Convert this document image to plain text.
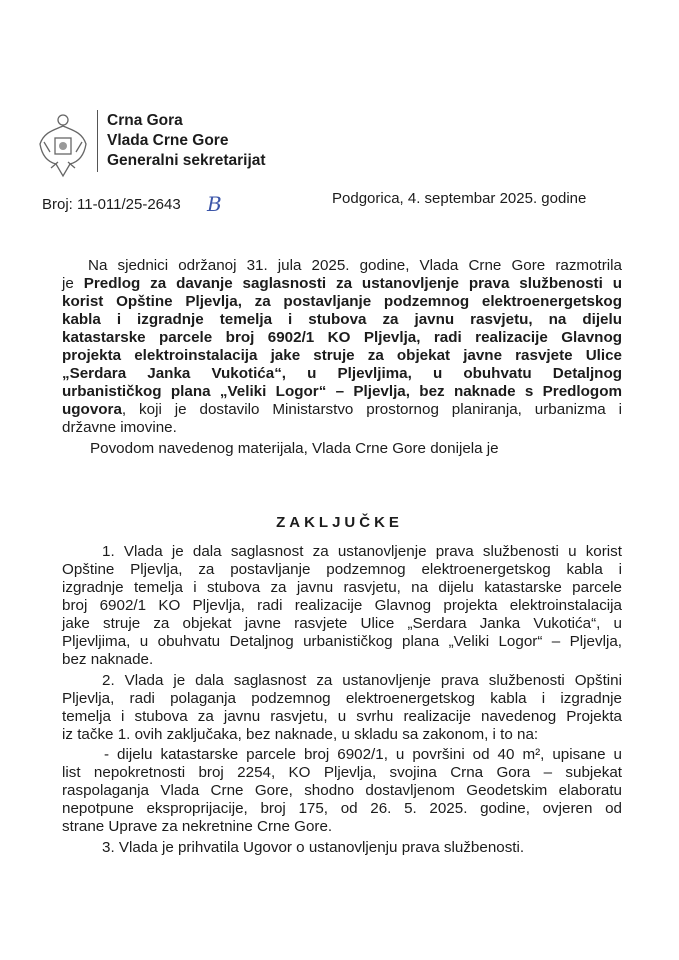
Crna Gora
Vlada Crne Gore
Generalni sekretarijat
Broj: 11-011/25-2643 B	Podgorica, 4. septembar 2025. godine
ZAKLJUČKE
Na sjednici održanoj 31. jula 2025. godine, Vlada Crne Gore razmotrila
je Predlog za davanje saglasnosti za ustanovljenje prava službenosti u
korist Opštine Pljevlja, za postavljanje podzemnog elektroenergetskog
kabla i izgradnje temelja i stubova za javnu rasvjetu, na dijelu
katastarske parcele broj 6902/1 KO Pljevlja, radi realizacije Glavnog
projekta elektroinstalacija jake struje za objekat javne rasvjete Ulice
„Serdara Janka Vukotića“, u Pljevljima, u obuhvatu Detaljnog
urbanističkog plana „Veliki Logor“ – Pljevlja, bez naknade s Predlogom
ugovora, koji je dostavilo Ministarstvo prostornog planiranja, urbanizma i
državne imovine.
Povodom navedenog materijala, Vlada Crne Gore donijela je
1. Vlada je dala saglasnost za ustanovljenje prava službenosti u korist
Opštine Pljevlja, za postavljanje podzemnog elektroenergetskog kabla i
izgradnje temelja i stubova za javnu rasvjetu, na dijelu katastarske parcele
broj 6902/1 KO Pljevlja, radi realizacije Glavnog projekta elektroinstalacija
jake struje za objekat javne rasvjete Ulice „Serdara Janka Vukotića“, u
Pljevljima, u obuhvatu Detaljnog urbanističkog plana „Veliki Logor“ – Pljevlja,
bez naknade.
2. Vlada je dala saglasnost za ustanovljenje prava službenosti Opštini
Pljevlja, radi polaganja podzemnog elektroenergetskog kabla i izgradnje
temelja i stubova za javnu rasvjetu, u svrhu realizacije navedenog Projekta
iz tačke 1. ovih zaključaka, bez naknade, u skladu sa zakonom, i to na:
- dijelu katastarske parcele broj 6902/1, u površini od 40 m², upisane u
list nepokretnosti broj 2254, KO Pljevlja, svojina Crna Gora – subjekat
raspolaganja Vlada Crne Gore, shodno dostavljenom Geodetskim elaboratu
nepotpune eksproprijacije, broj 175, od 26. 5. 2025. godine, ovjeren od
strane Uprave za nekretnine Crne Gore.
3. Vlada je prihvatila Ugovor o ustanovljenju prava službenosti.
